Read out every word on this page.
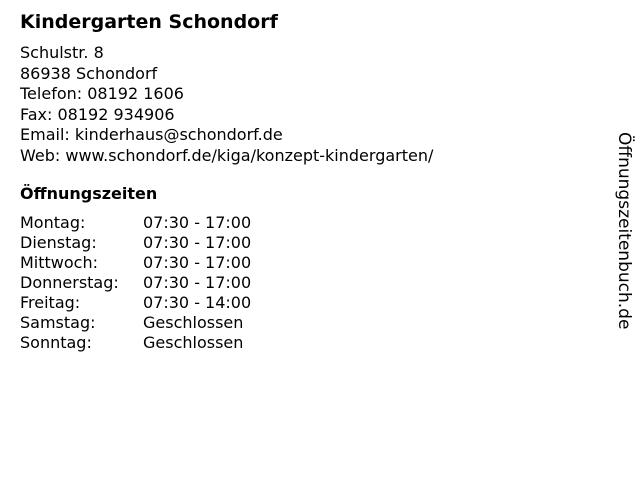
Kindergarten Schondorf
Schulstr. 8
86938 Schondorf
Telefon: 08192 1606
Fax: 08192 934906
Email: kinderhaus@schondorf.de
Web: www.schondorf.de/kiga/konzept-kindergarten/
Öffnungszeiten
Montag:	07:30 - 17:00
Dienstag:	07:30 - 17:00
Mittwoch:	07:30 - 17:00
Donnerstag:	07:30 - 17:00
Freitag:	07:30 - 14:00
Samstag:	Geschlossen
Sonntag:	Geschlossen
Öffnungszeitenbuch.de
